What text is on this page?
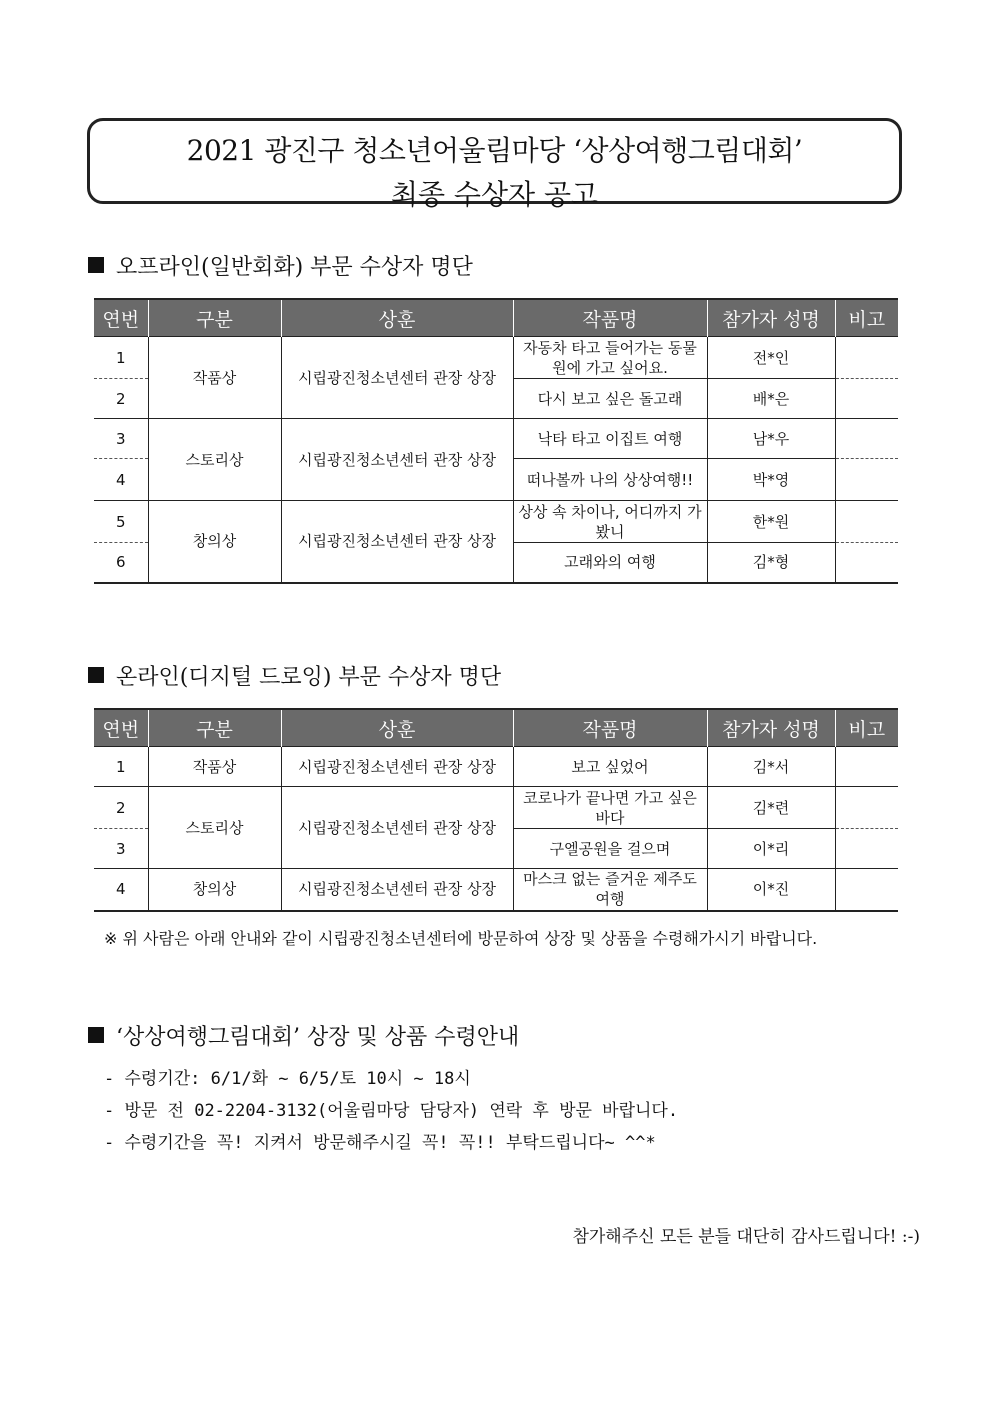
2021 광진구 청소년어울림마당 ‘상상여행그림대회’
최종 수상자 공고
오프라인(일반회화) 부문 수상자 명단
연번	구분	상훈	작품명	참가자 성명	비고
1	작품상	시립광진청소년센터 관장 상장	자동차 타고 들어가는 동물원에 가고 싶어요.	전*인	
2			다시 보고 싶은 돌고래	배*은	
3	스토리상	시립광진청소년센터 관장 상장	낙타 타고 이집트 여행	남*우	
4			떠나볼까 나의 상상여행!!	박*영	
5	창의상	시립광진청소년센터 관장 상장	상상 속 차이나, 어디까지 가봤니	한*원	
6			고래와의 여행	김*형	
온라인(디지털 드로잉) 부문 수상자 명단
연번	구분	상훈	작품명	참가자 성명	비고
1	작품상	시립광진청소년센터 관장 상장	보고 싶었어	김*서	
2	스토리상	시립광진청소년센터 관장 상장	코로나가 끝나면 가고 싶은 바다	김*련	
3			구엘공원을 걸으며	이*리	
4	창의상	시립광진청소년센터 관장 상장	마스크 없는 즐거운 제주도 여행	이*진	
※ 위 사람은 아래 안내와 같이 시립광진청소년센터에 방문하여 상장 및 상품을 수령해가시기 바랍니다.
‘상상여행그림대회’ 상장 및 상품 수령안내
- 수령기간: 6/1/화 ~ 6/5/토 10시 ~ 18시
- 방문 전 02-2204-3132(어울림마당 담당자) 연락 후 방문 바랍니다.
- 수령기간을 꼭! 지켜서 방문해주시길 꼭! 꼭!! 부탁드립니다~ ^^*
참가해주신 모든 분들 대단히 감사드립니다! :-)
